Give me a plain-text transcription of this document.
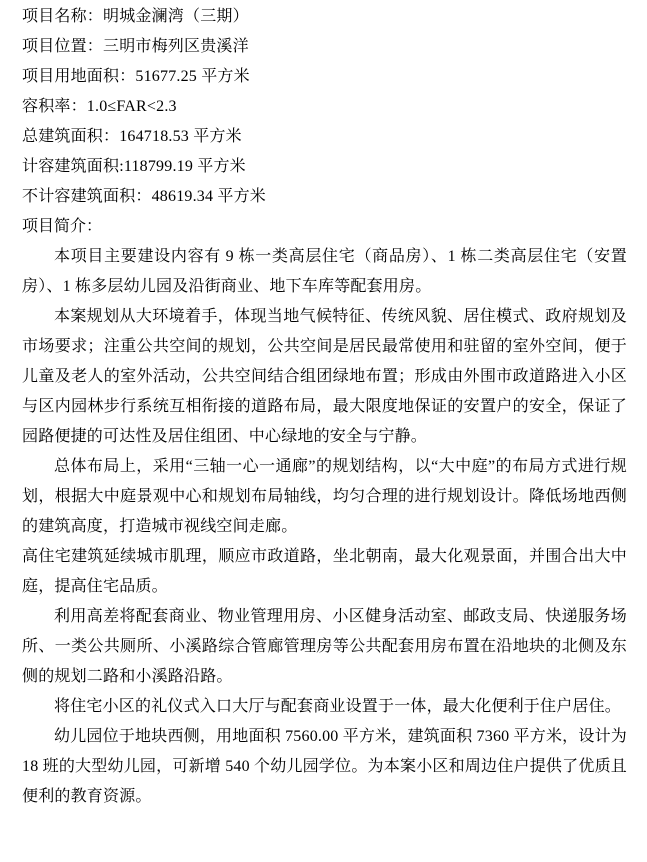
项目名称：明城金澜湾（三期）

项目位置：三明市梅列区贵溪洋

项目用地面积：51677.25 平方米

容积率：1.0≤FAR<2.3

总建筑面积：164718.53 平方米

计容建筑面积:118799.19 平方米

不计容建筑面积：48619.34 平方米

项目简介：

本项目主要建设内容有 9 栋一类高层住宅（商品房）、1 栋二类高层住宅（安置房）、1 栋多层幼儿园及沿街商业、地下车库等配套用房。

本案规划从大环境着手，体现当地气候特征、传统风貌、居住模式、政府规划及市场要求；注重公共空间的规划，公共空间是居民最常使用和驻留的室外空间，便于儿童及老人的室外活动，公共空间结合组团绿地布置；形成由外围市政道路进入小区与区内园林步行系统互相衔接的道路布局，最大限度地保证的安置户的安全，保证了园路便捷的可达性及居住组团、中心绿地的安全与宁静。

总体布局上，采用“三轴一心一通廊”的规划结构，以“大中庭”的布局方式进行规划，根据大中庭景观中心和规划布局轴线，均匀合理的进行规划设计。降低场地西侧的建筑高度，打造城市视线空间走廊。

高住宅建筑延续城市肌理，顺应市政道路，坐北朝南，最大化观景面，并围合出大中庭，提高住宅品质。

利用高差将配套商业、物业管理用房、小区健身活动室、邮政支局、快递服务场所、一类公共厕所、小溪路综合管廊管理房等公共配套用房布置在沿地块的北侧及东侧的规划二路和小溪路沿路。

将住宅小区的礼仪式入口大厅与配套商业设置于一体，最大化便利于住户居住。

幼儿园位于地块西侧，用地面积 7560.00 平方米，建筑面积 7360 平方米，设计为 18 班的大型幼儿园，可新增 540 个幼儿园学位。为本案小区和周边住户提供了优质且便利的教育资源。
